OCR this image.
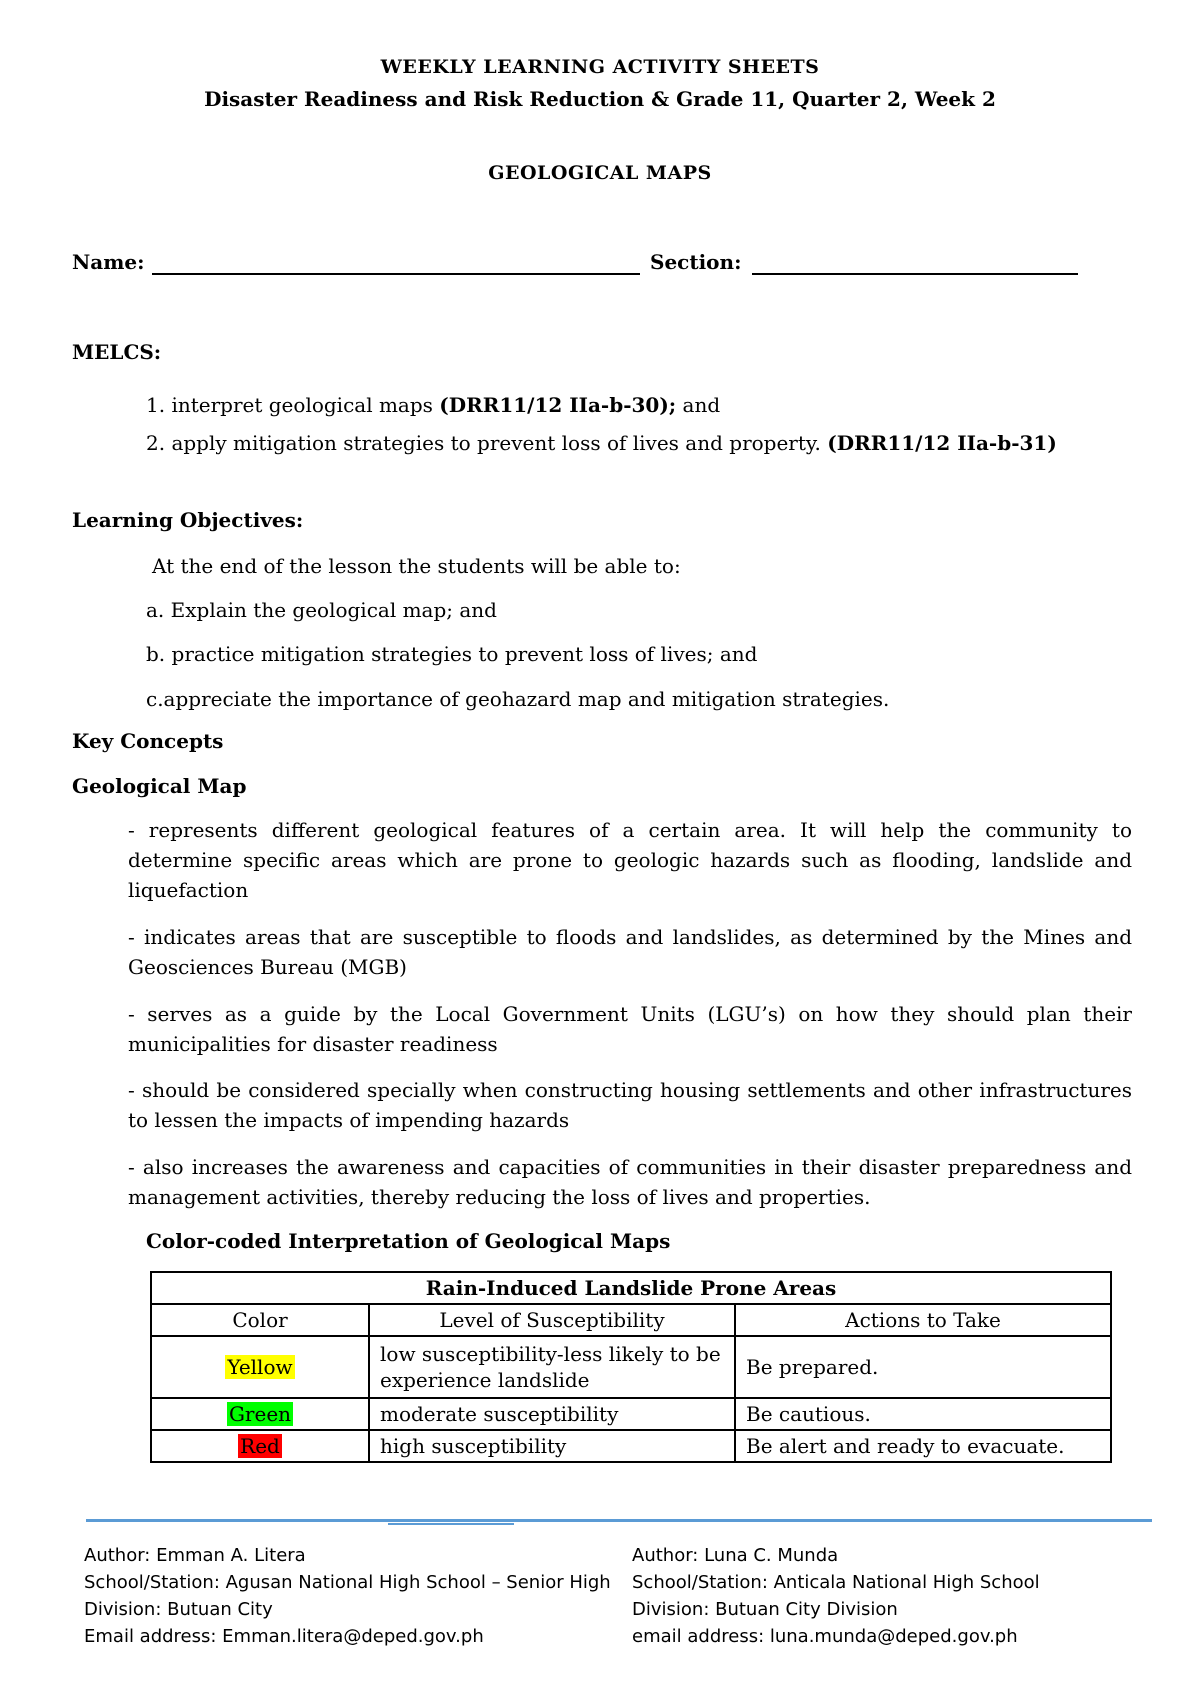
WEEKLY LEARNING ACTIVITY SHEETS
Disaster Readiness and Risk Reduction & Grade 11, Quarter 2, Week 2
GEOLOGICAL MAPS
Name:	Section:
MELCS:
1. interpret geological maps (DRR11/12 IIa-b-30); and
2. apply mitigation strategies to prevent loss of lives and property. (DRR11/12 IIa-b-31)
Learning Objectives:
At the end of the lesson the students will be able to:
a. Explain the geological map; and
b. practice mitigation strategies to prevent loss of lives; and
c.appreciate the importance of geohazard map and mitigation strategies.
Key Concepts
Geological Map
- represents different geological features of a certain area. It will help the community to determine specific areas which are prone to geologic hazards such as flooding, landslide and liquefaction
- indicates areas that are susceptible to floods and landslides, as determined by the Mines and Geosciences Bureau (MGB)
- serves as a guide by the Local Government Units (LGU’s) on how they should plan their municipalities for disaster readiness
- should be considered specially when constructing housing settlements and other infrastructures to lessen the impacts of impending hazards
- also increases the awareness and capacities of communities in their disaster preparedness and management activities, thereby reducing the loss of lives and properties.
Color-coded Interpretation of Geological Maps
Rain-Induced Landslide Prone Areas		
Color	Level of Susceptibility	Actions to Take
Yellow	low susceptibility-less likely to be experience landslide	Be prepared.
Green	moderate susceptibility	Be cautious.
Red	high susceptibility	Be alert and ready to evacuate.
Author: Emman A. Litera
School/Station: Agusan National High School – Senior High
Division: Butuan City
Email address: Emman.litera@deped.gov.ph
Author: Luna C. Munda
School/Station: Anticala National High School
Division: Butuan City Division
email address: luna.munda@deped.gov.ph
